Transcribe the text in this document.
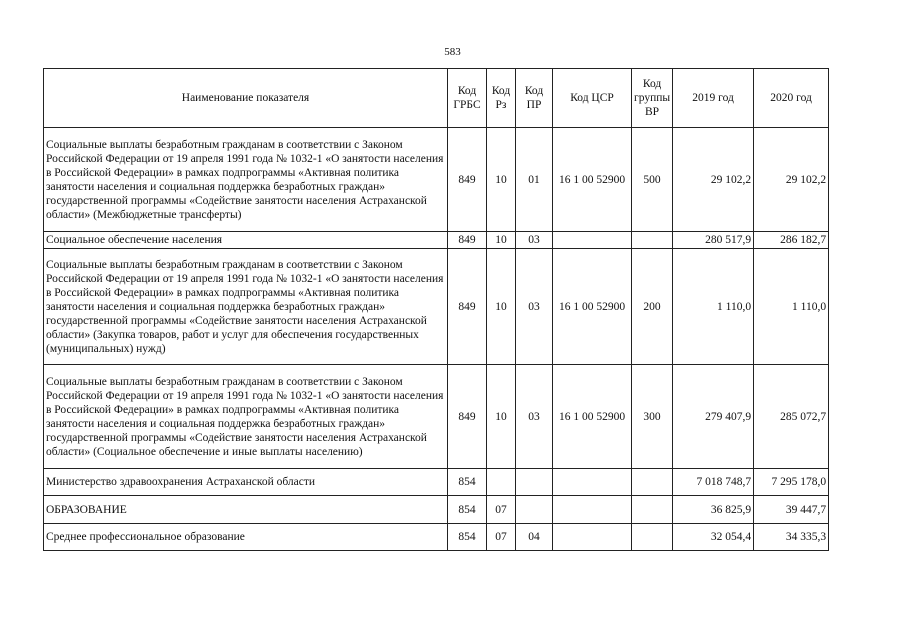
583
Наименование показателя	Код ГРБС	Код Рз	Код ПР	Код ЦСР	Код группы ВР	2019 год	2020 год
Социальные выплаты безработным гражданам в соответствии с Законом Российской Федерации от 19 апреля 1991 года № 1032-1 «О занятости населения в Российской Федерации» в рамках подпрограммы «Активная политика занятости населения и социальная поддержка безработных граждан» государственной программы «Содействие занятости населения Астраханской области» (Межбюджетные трансферты)	849	10	01	16 1 00 52900	500	29 102,2	29 102,2
Социальное обеспечение населения	849	10	03			280 517,9	286 182,7
Социальные выплаты безработным гражданам в соответствии с Законом Российской Федерации от 19 апреля 1991 года № 1032-1 «О занятости населения в Российской Федерации» в рамках подпрограммы «Активная политика занятости населения и социальная поддержка безработных граждан» государственной программы «Содействие занятости населения Астраханской области» (Закупка товаров, работ и услуг для обеспечения государственных (муниципальных) нужд)	849	10	03	16 1 00 52900	200	1 110,0	1 110,0
Социальные выплаты безработным гражданам в соответствии с Законом Российской Федерации от 19 апреля 1991 года № 1032-1 «О занятости населения в Российской Федерации» в рамках подпрограммы «Активная политика занятости населения и социальная поддержка безработных граждан» государственной программы «Содействие занятости населения Астраханской области» (Социальное обеспечение и иные выплаты населению)	849	10	03	16 1 00 52900	300	279 407,9	285 072,7
Министерство здравоохранения Астраханской области	854					7 018 748,7	7 295 178,0
ОБРАЗОВАНИЕ	854	07				36 825,9	39 447,7
Среднее профессиональное образование	854	07	04			32 054,4	34 335,3
